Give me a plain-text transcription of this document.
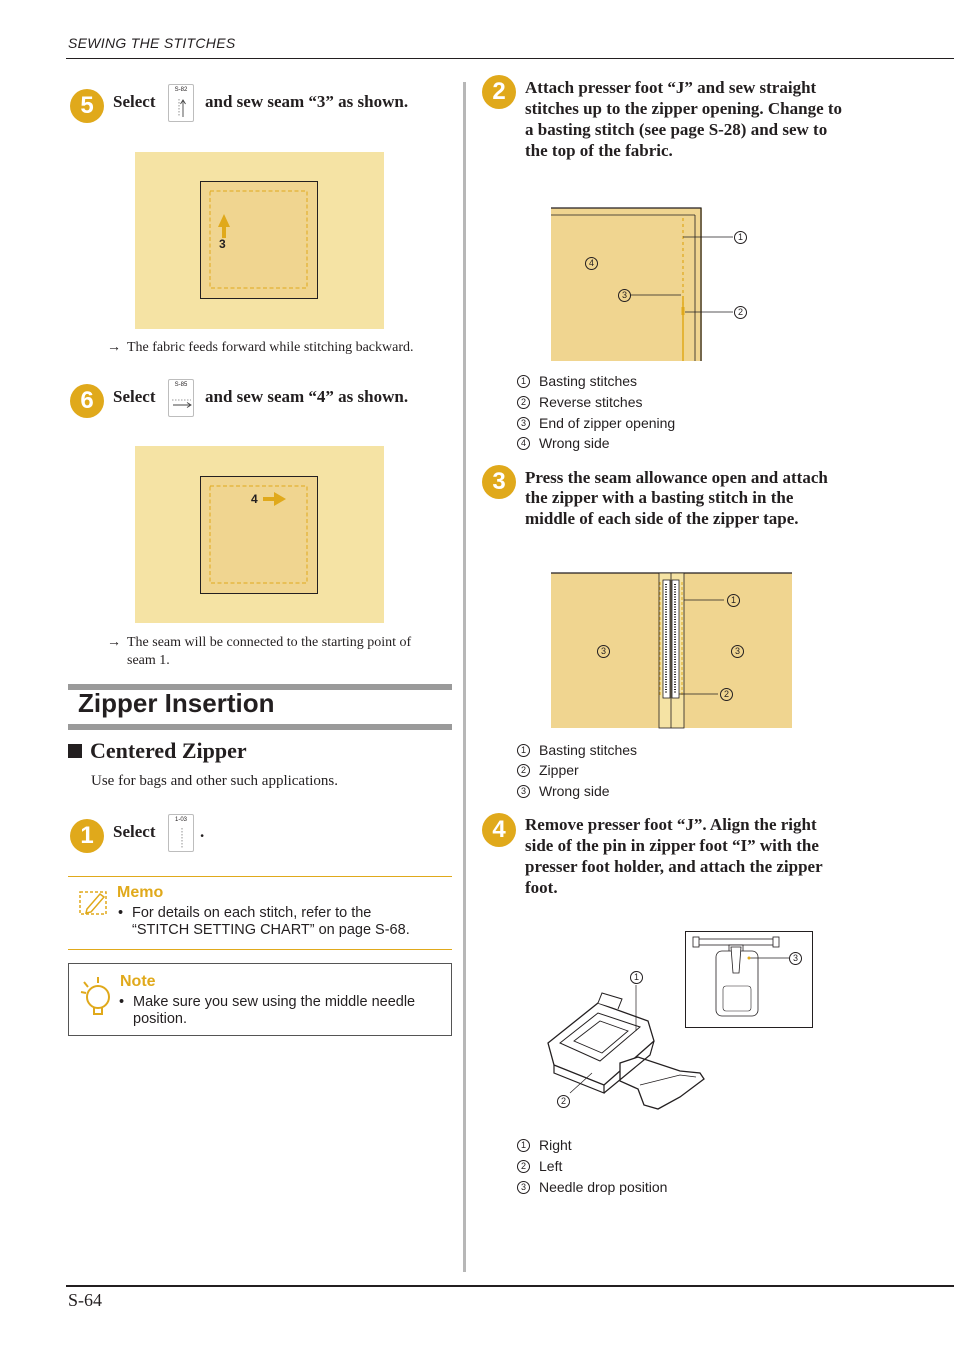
SEWING THE STITCHES
5	Select
S-82
and sew seam “3” as shown.
3
→ The fabric feeds forward while stitching backward.
6	Select
S-85
and sew seam “4” as shown.
4
→ The seam will be connected to the starting point of
seam 1.
Zipper Insertion
Centered Zipper
Use for bags and other such applications.
1	Select
1-03
.
Memo
• For details on each stitch, refer to the
“STITCH SETTING CHART” on page S-68.
Note
• Make sure you sew using the middle needle
position.
2	Attach presser foot “J” and sew straight
stitches up to the zipper opening. Change to
a basting stitch (see page S-28) and sew to
the top of the fabric.
1
2
3
4
1 Basting stitches
2 Reverse stitches
3 End of zipper opening
4 Wrong side
3	Press the seam allowance open and attach
the zipper with a basting stitch in the
middle of each side of the zipper tape.
1
2
3	3
1 Basting stitches
2 Zipper
3 Wrong side
4	Remove presser foot “J”. Align the right
side of the pin in zipper foot “I” with the
presser foot holder, and attach the zipper
foot.
3
1
2
1 Right
2 Left
3 Needle drop position
S-64
